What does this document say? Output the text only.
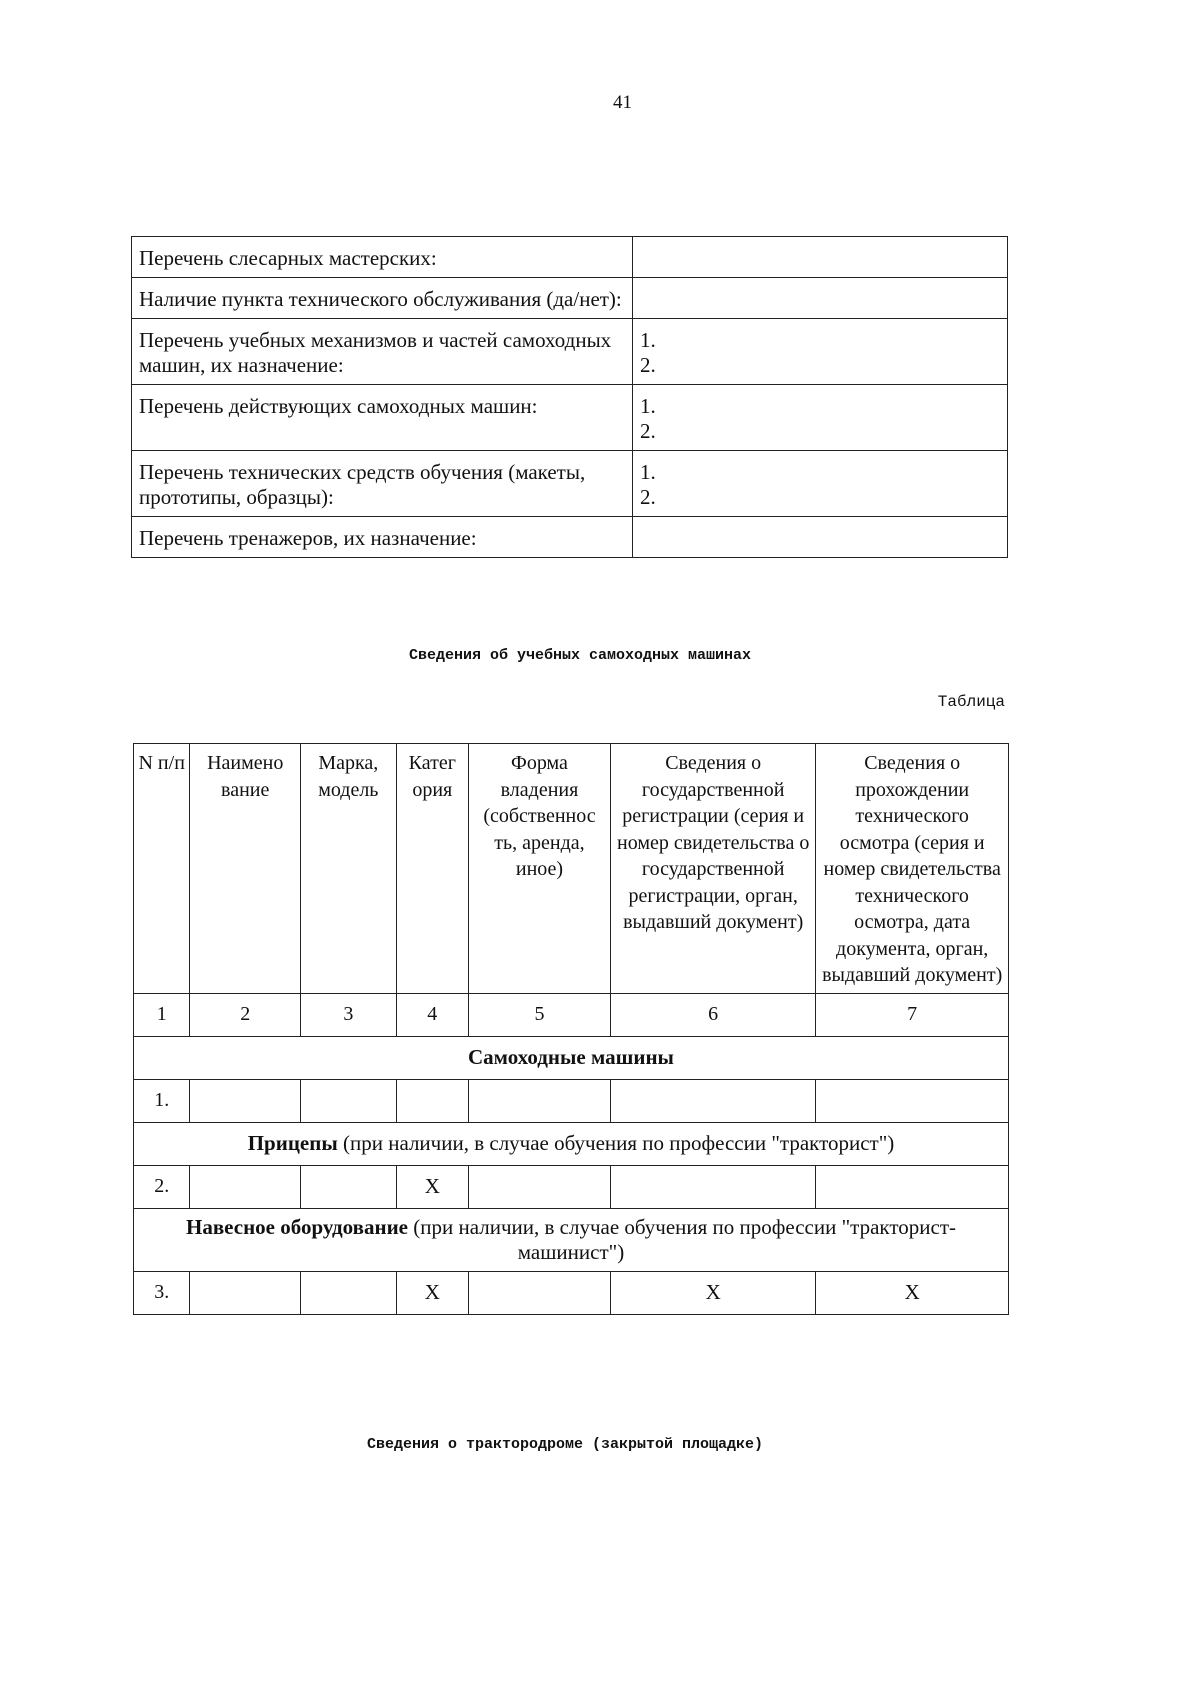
41
Перечень слесарных мастерских:	
Наличие пункта технического обслуживания (да/нет):	
Перечень учебных механизмов и частей самоходных машин, их назначение:	1.
2.

Перечень действующих самоходных машин:	1.
2.

Перечень технических средств обучения (макеты, прототипы, образцы):	1.
2.

Перечень тренажеров, их назначение:	
Сведения об учебных самоходных машинах
Таблица
N п/п	Наимено вание	Марка, модель	Катег ория	Форма владения (собственнос ть, аренда, иное)	Сведения о государственной регистрации (серия и номер свидетельства о государственной регистрации, орган, выдавший документ)	Сведения о прохождении технического осмотра (серия и номер свидетельства технического осмотра, дата документа, орган, выдавший документ)
1	2	3	4	5	6	7
Самоходные машины						
1.						
Прицепы (при наличии, в случае обучения по профессии "тракторист")						
2.			X			
Навесное оборудование (при наличии, в случае обучения по профессии "тракторист-машинист")						
3.			X		X	X
Сведения о трактородроме (закрытой площадке)
